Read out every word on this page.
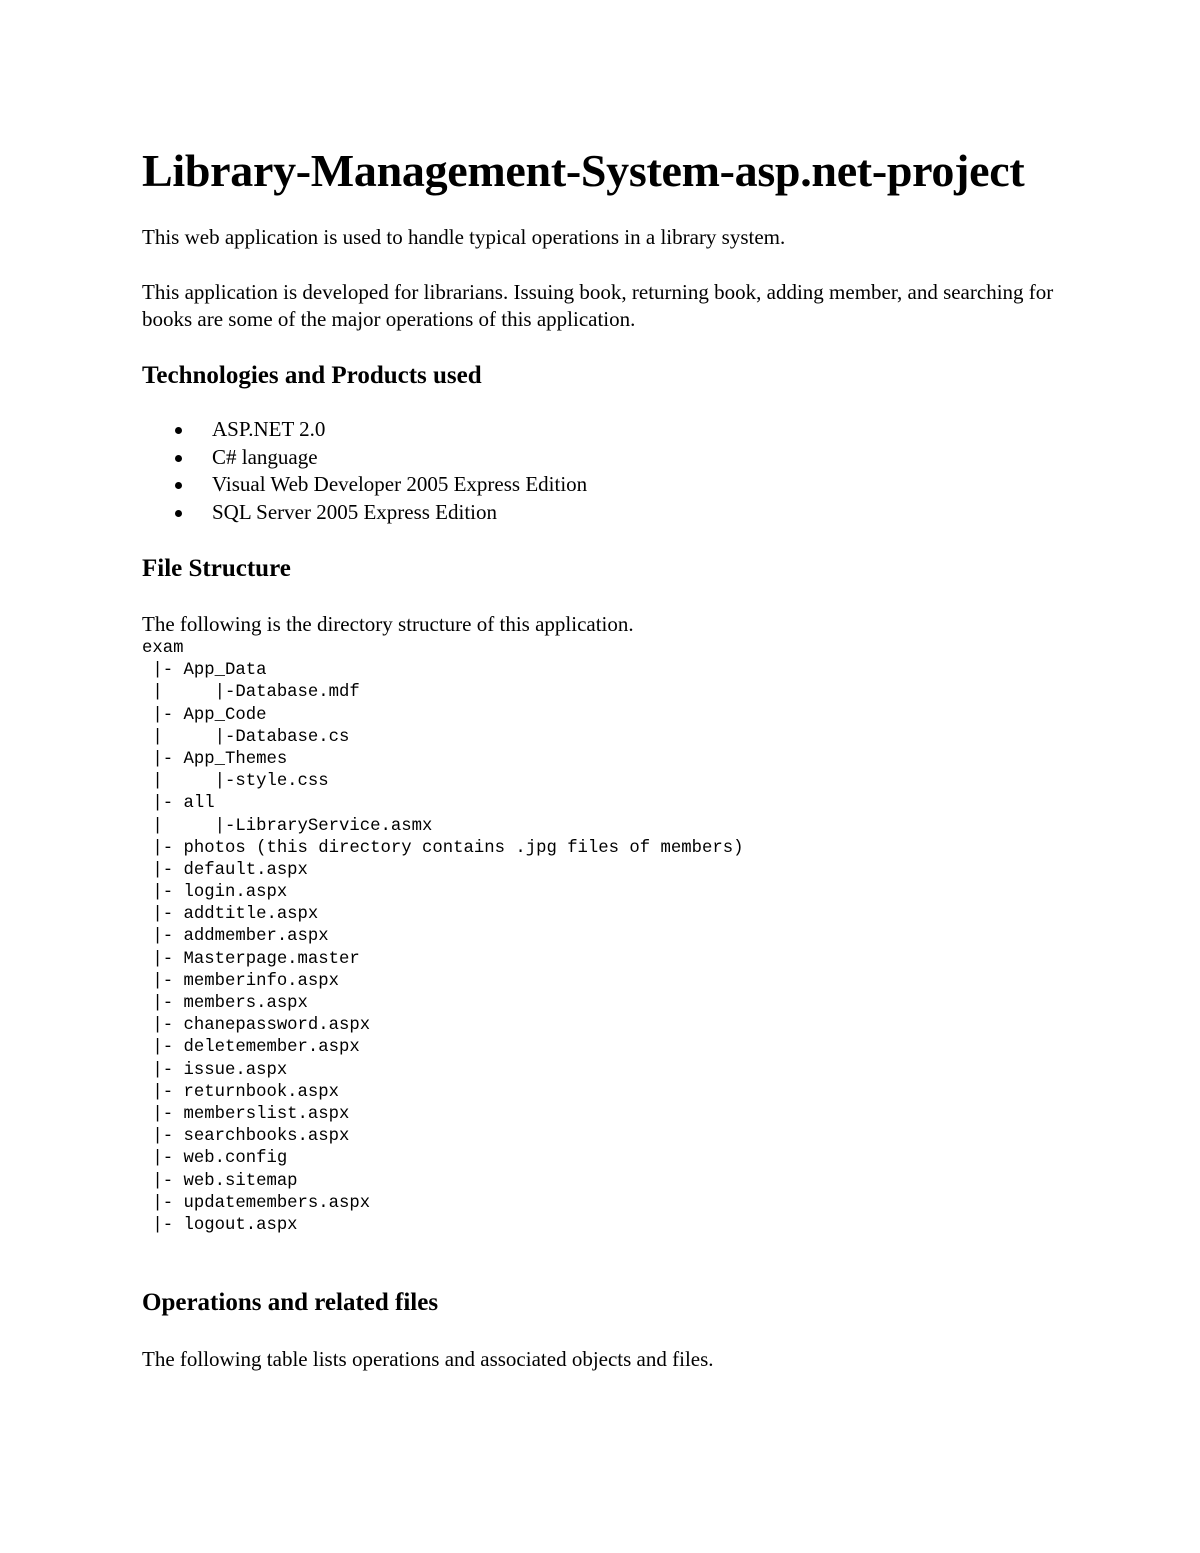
Library-Management-System-asp.net-project

This web application is used to handle typical operations in a library system.

This application is developed for librarians. Issuing book, returning book, adding member, and searching for books are some of the major operations of this application.

Technologies and Products used
ASP.NET 2.0
C# language
Visual Web Developer 2005 Express Edition
SQL Server 2005 Express Edition
File Structure

The following is the directory structure of this application.

exam
|- App_Data
|     |-Database.mdf
|- App_Code
|     |-Database.cs
|- App_Themes
|     |-style.css
|- all
|     |-LibraryService.asmx
|- photos (this directory contains .jpg files of members)
|- default.aspx
|- login.aspx
|- addtitle.aspx
|- addmember.aspx
|- Masterpage.master
|- memberinfo.aspx
|- members.aspx
|- chanepassword.aspx
|- deletemember.aspx
|- issue.aspx
|- returnbook.aspx
|- memberslist.aspx
|- searchbooks.aspx
|- web.config
|- web.sitemap
|- updatemembers.aspx
|- logout.aspx
Operations and related files

The following table lists operations and associated objects and files.
